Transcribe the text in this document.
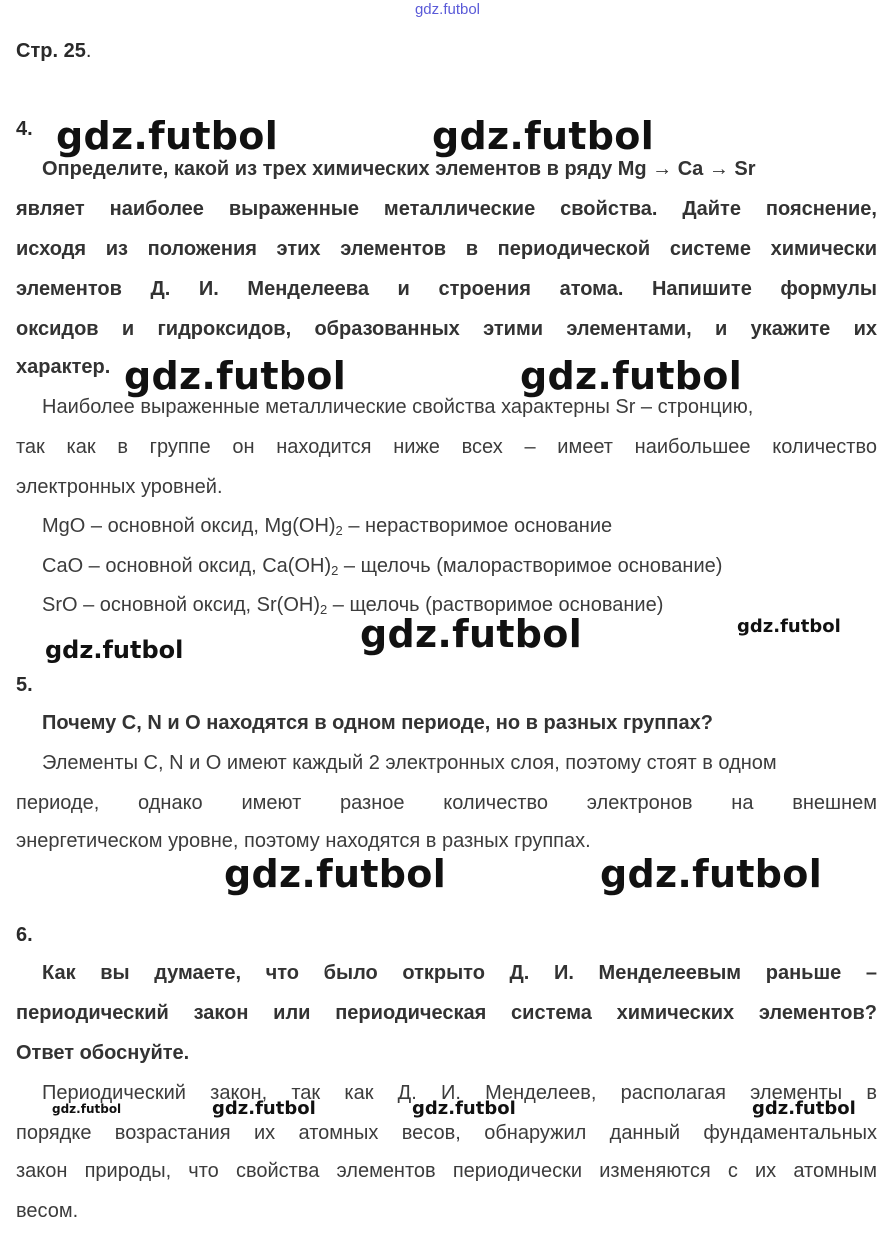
gdz.futbol
Стр. 25.
4.
Определите, какой из трех химических элементов в ряду Mg → Ca → Sr
являет наиболее выраженные металлические свойства. Дайте пояснение,
исходя из положения этих элементов в периодической системе химически
элементов Д. И. Менделеева и строения атома. Напишите формулы
оксидов и гидроксидов, образованных этими элементами, и укажите их
характер.
Наиболее выраженные металлические свойства характерны Sr – стронцию,
так как в группе он находится ниже всех – имеет наибольшее количество
электронных уровней.
MgO – основной оксид, $Mg(OH)_2$ – нерастворимое основание
CaO – основной оксид, $Ca(OH)_2$ – щелочь (малорастворимое основание)
SrO – основной оксид, $Sr(OH)_2$ – щелочь (растворимое основание)
5.
Почему C, N и O находятся в одном периоде, но в разных группах?
Элементы C, N и O имеют каждый 2 электронных слоя, поэтому стоят в одном
периоде, однако имеют разное количество электронов на внешнем
энергетическом уровне, поэтому находятся в разных группах.
6.
Как вы думаете, что было открыто Д. И. Менделеевым раньше –
периодический закон или периодическая система химических элементов?
Ответ обоснуйте.
Периодический закон, так как Д. И. Менделеев, располагая элементы в
порядке возрастания их атомных весов, обнаружил данный фундаментальных
закон природы, что свойства элементов периодически изменяются с их атомным
весом.
gdz.futbol	gdz.futbol
gdz.futbol	gdz.futbol
gdz.futbol	gdz.futbol
gdz.futbol
gdz.futbol	gdz.futbol
gdz.futbol	gdz.futbol	gdz.futbol	gdz.futbol
